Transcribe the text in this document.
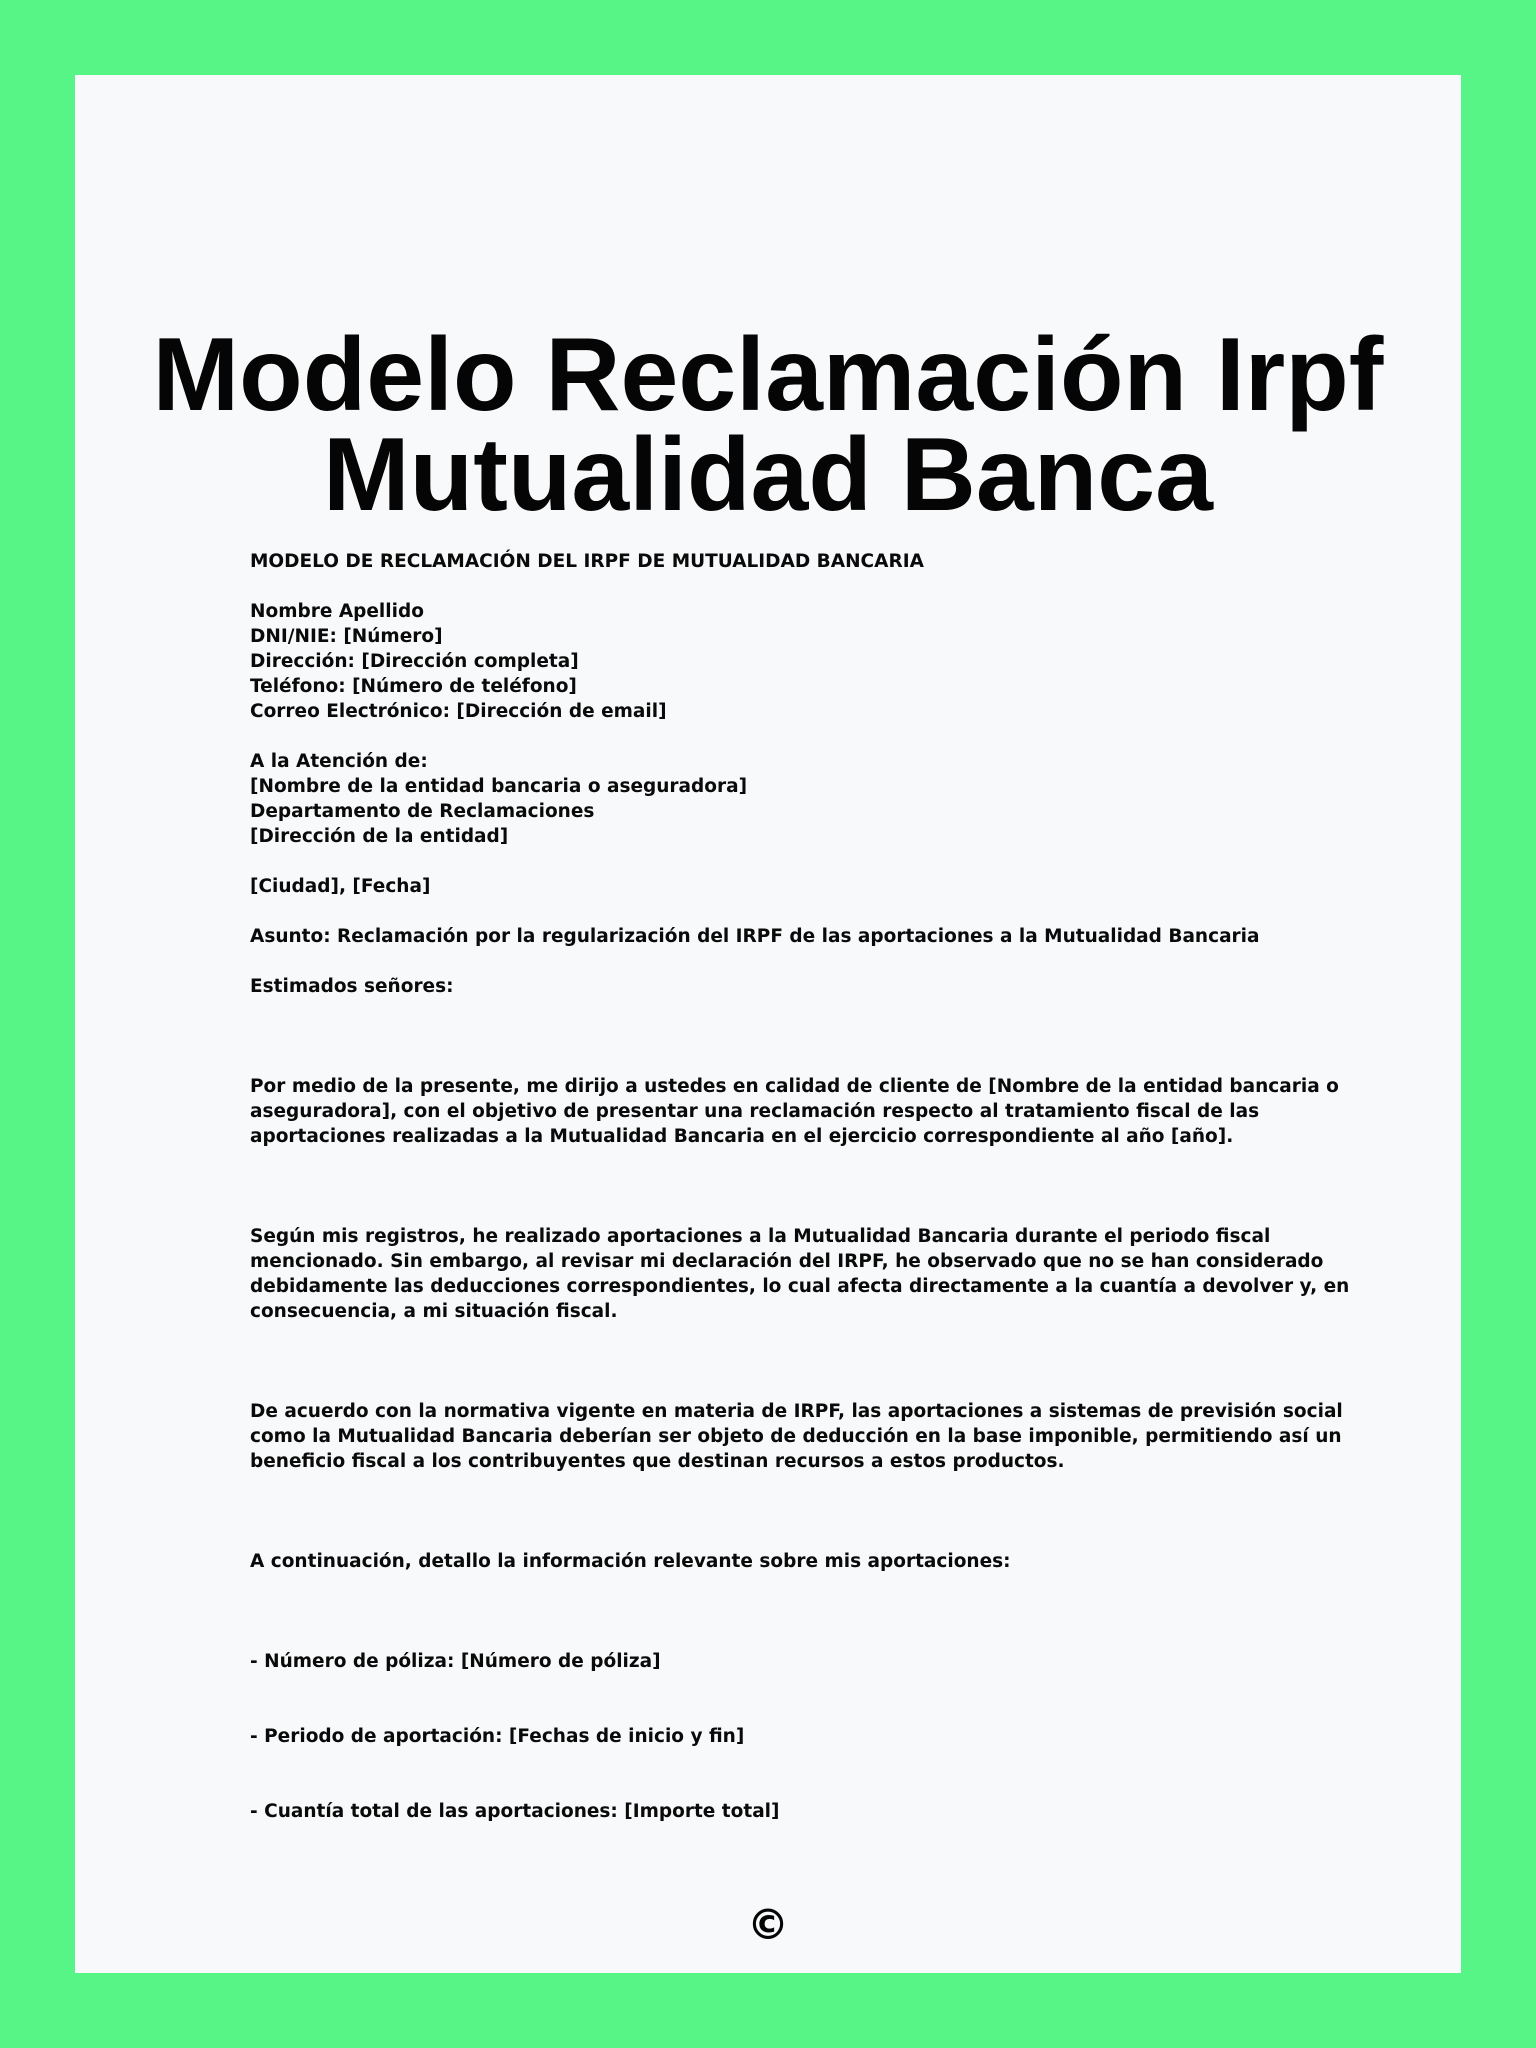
Modelo Reclamación Irpf
Mutualidad Banca
MODELO DE RECLAMACIÓN DEL IRPF DE MUTUALIDAD BANCARIA
Nombre Apellido
DNI/NIE: [Número]
Dirección: [Dirección completa]
Teléfono: [Número de teléfono]
Correo Electrónico: [Dirección de email]
A la Atención de:
[Nombre de la entidad bancaria o aseguradora]
Departamento de Reclamaciones
[Dirección de la entidad]
[Ciudad], [Fecha]
Asunto: Reclamación por la regularización del IRPF de las aportaciones a la Mutualidad Bancaria
Estimados señores:
Por medio de la presente, me dirijo a ustedes en calidad de cliente de [Nombre de la entidad bancaria o
aseguradora], con el objetivo de presentar una reclamación respecto al tratamiento fiscal de las
aportaciones realizadas a la Mutualidad Bancaria en el ejercicio correspondiente al año [año].
Según mis registros, he realizado aportaciones a la Mutualidad Bancaria durante el periodo fiscal
mencionado. Sin embargo, al revisar mi declaración del IRPF, he observado que no se han considerado
debidamente las deducciones correspondientes, lo cual afecta directamente a la cuantía a devolver y, en
consecuencia, a mi situación fiscal.
De acuerdo con la normativa vigente en materia de IRPF, las aportaciones a sistemas de previsión social
como la Mutualidad Bancaria deberían ser objeto de deducción en la base imponible, permitiendo así un
beneficio fiscal a los contribuyentes que destinan recursos a estos productos.
A continuación, detallo la información relevante sobre mis aportaciones:
- Número de póliza: [Número de póliza]
- Periodo de aportación: [Fechas de inicio y fin]
- Cuantía total de las aportaciones: [Importe total]
©
